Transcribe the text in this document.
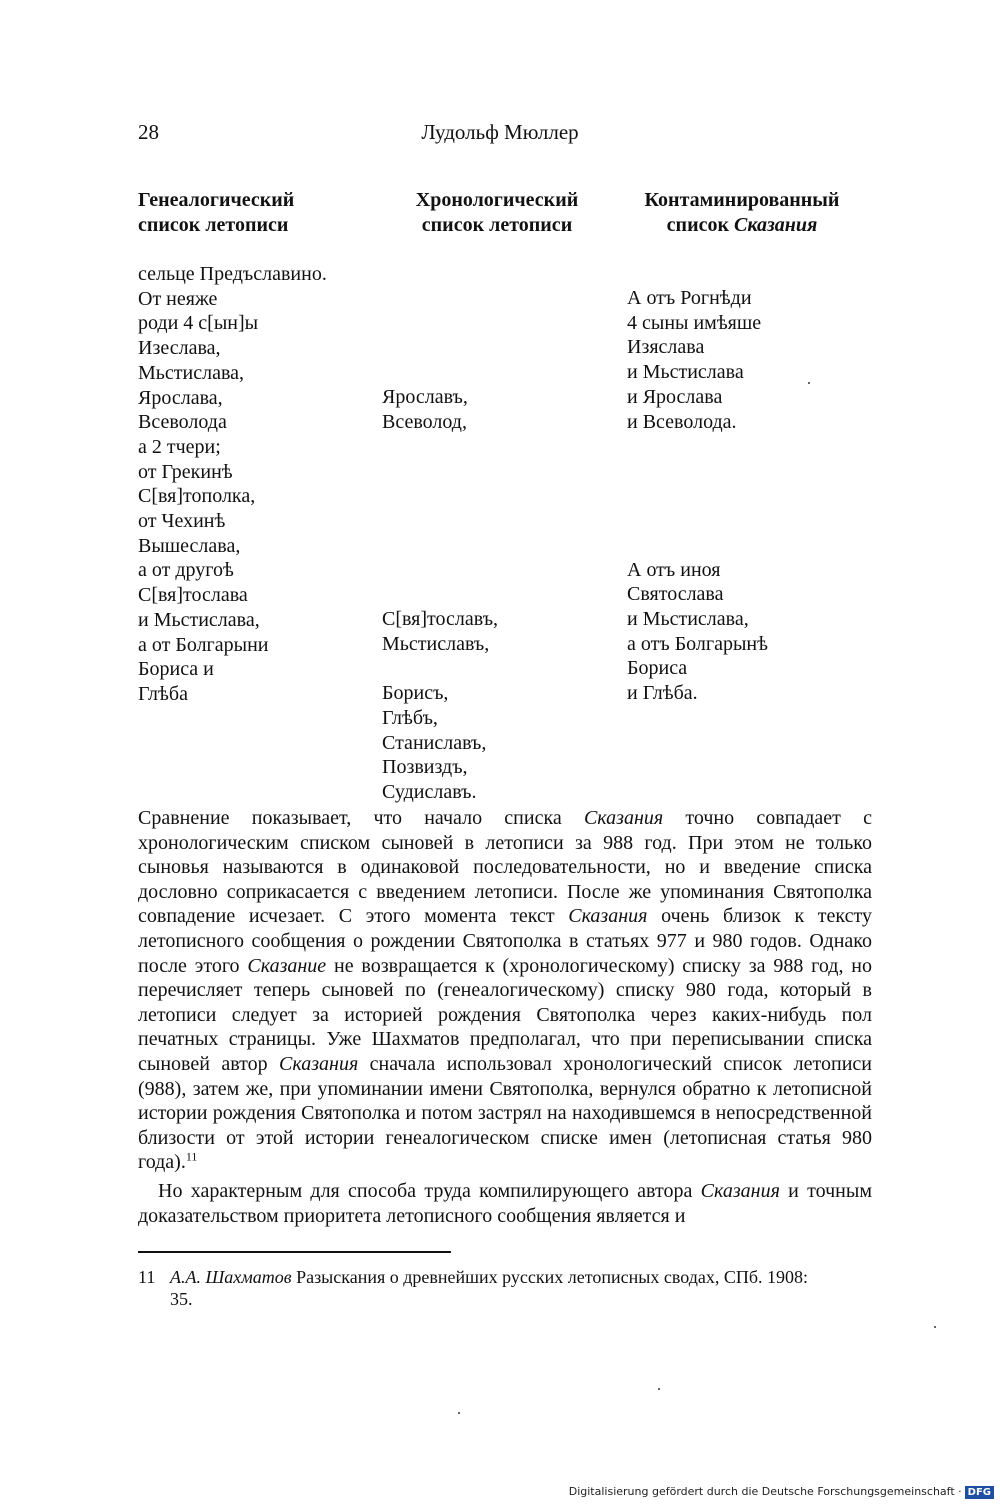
28	Лудольф Мюллер
Генеалогический
список летописи
Хронологический
список летописи
Контаминированный
список Сказания
сельце Предъславино.
От неяже
роди 4 с[ын]ы
Изеслава,
Мьстислава,
Ярослава,
Всеволода
а 2 тчери;
от Грекинѣ
С[вя]тополка,
от Чехинѣ
Вышеслава,
а от другоѣ
С[вя]тослава
и Мьстислава,
а от Болгарыни
Бориса и
Глѣба
Ярославъ,
Всеволод,
С[вя]тославъ,
Мьстиславъ,
Борисъ,
Глѣбъ,
Станиславъ,
Позвиздъ,
Судиславъ.
А отъ Рогнѣди
4 сыны имѣяше
Изяслава
и Мьстислава
и Ярослава
и Всеволода.
А отъ иноя
Святослава
и Мьстислава,
а отъ Болгарынѣ
Бориса
и Глѣба.

Сравнение показывает, что начало списка Сказания точно совпадает с хронологическим списком сыновей в летописи за 988 год. При этом не только сыновья называются в одинаковой последовательности, но и введение списка дословно соприкасается с введением летописи. После же упоминания Святополка совпадение исчезает. С этого момента текст Сказания очень близок к тексту летописного сообщения о рождении Святополка в статьях 977 и 980 годов. Однако после этого Сказание не возвращается к (хронологическому) списку за 988 год, но перечисляет теперь сыновей по (генеалогическому) списку 980 года, который в летописи следует за историей рождения Святополка через каких-нибудь пол печатных страницы. Уже Шахматов предполагал, что при переписывании списка сыновей автор Сказания сначала использовал хронологический список летописи (988), затем же, при упоминании имени Святополка, вернулся обратно к летописной истории рождения Святополка и потом застрял на находившемся в непосредственной близости от этой истории генеалогическом списке имен (летописная статья 980 года).$^{11}$

Но характерным для способа труда компилирующего автора Сказания и точным доказательством приоритета летописного сообщения является и

11 А.А. Шахматов Разыскания о древнейших русских летописных сводах, СПб. 1908:
35.
Digitalisierung gefördert durch die Deutsche Forschungsgemeinschaft · DFG
